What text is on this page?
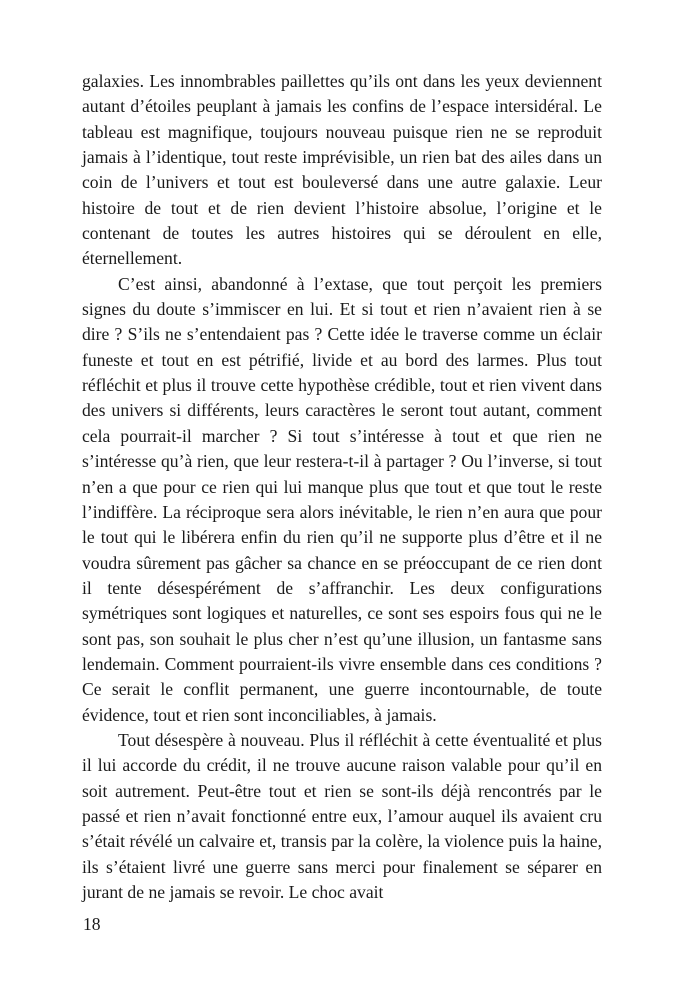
galaxies. Les innombrables paillettes qu’ils ont dans les yeux deviennent autant d’étoiles peuplant à jamais les confins de l’espace intersidéral. Le tableau est magnifique, toujours nouveau puisque rien ne se reproduit jamais à l’identique, tout reste imprévisible, un rien bat des ailes dans un coin de l’univers et tout est bouleversé dans une autre galaxie. Leur histoire de tout et de rien devient l’histoire absolue, l’origine et le contenant de toutes les autres histoires qui se déroulent en elle, éternellement.

C’est ainsi, abandonné à l’extase, que tout perçoit les premiers signes du doute s’immiscer en lui. Et si tout et rien n’avaient rien à se dire ? S’ils ne s’entendaient pas ? Cette idée le traverse comme un éclair funeste et tout en est pétrifié, livide et au bord des larmes. Plus tout réfléchit et plus il trouve cette hypothèse crédible, tout et rien vivent dans des univers si différents, leurs caractères le seront tout autant, comment cela pourrait-il marcher ? Si tout s’intéresse à tout et que rien ne s’intéresse qu’à rien, que leur restera-t-il à partager ? Ou l’inverse, si tout n’en a que pour ce rien qui lui manque plus que tout et que tout le reste l’indiffère. La réciproque sera alors inévitable, le rien n’en aura que pour le tout qui le libérera enfin du rien qu’il ne supporte plus d’être et il ne voudra sûrement pas gâcher sa chance en se préoccupant de ce rien dont il tente désespérément de s’affranchir. Les deux configurations symétriques sont logiques et naturelles, ce sont ses espoirs fous qui ne le sont pas, son souhait le plus cher n’est qu’une illusion, un fantasme sans lendemain. Comment pourraient-ils vivre ensemble dans ces conditions ? Ce serait le conflit permanent, une guerre incontournable, de toute évidence, tout et rien sont inconciliables, à jamais.

Tout désespère à nouveau. Plus il réfléchit à cette éventualité et plus il lui accorde du crédit, il ne trouve aucune raison valable pour qu’il en soit autrement. Peut-être tout et rien se sont-ils déjà rencontrés par le passé et rien n’avait fonctionné entre eux, l’amour auquel ils avaient cru s’était révélé un calvaire et, transis par la colère, la violence puis la haine, ils s’étaient livré une guerre sans merci pour finalement se séparer en jurant de ne jamais se revoir. Le choc avait

18
